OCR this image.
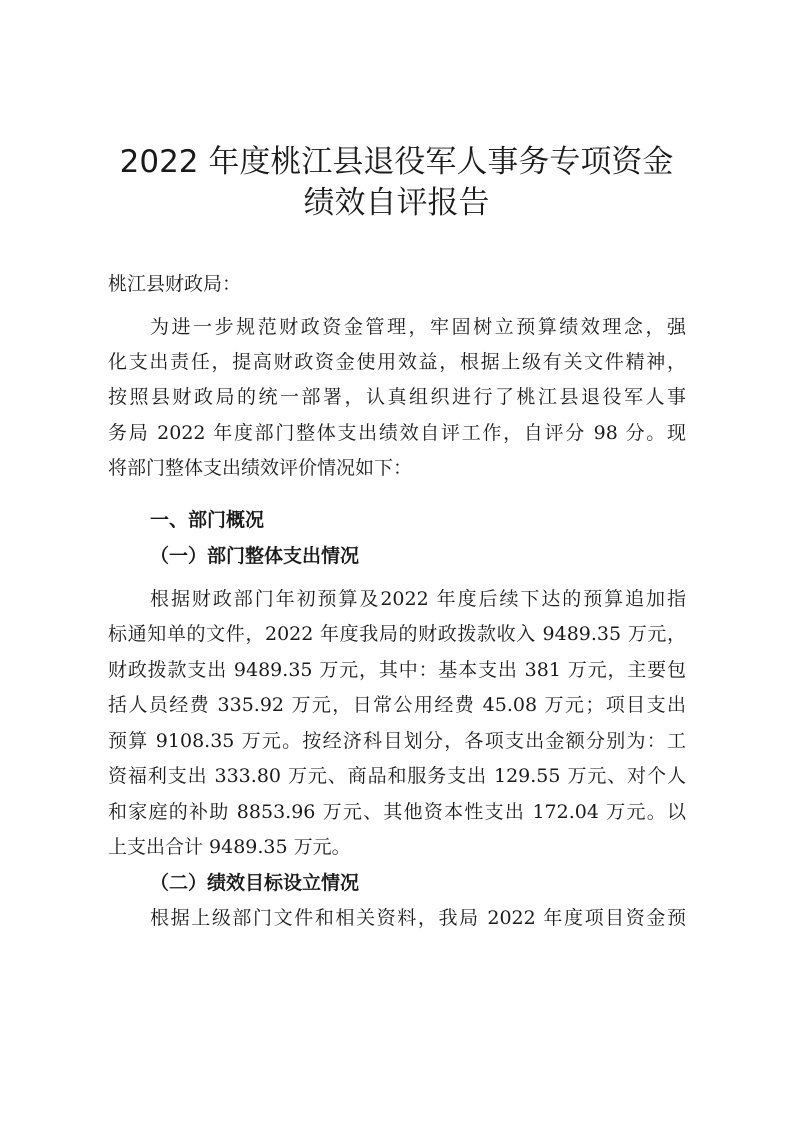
2022 年度桃江县退役军人事务专项资金
绩效自评报告

桃江县财政局：

为进一步规范财政资金管理，牢固树立预算绩效理念，强

化支出责任，提高财政资金使用效益，根据上级有关文件精神，

按照县财政局的统一部署，认真组织进行了桃江县退役军人事

务局 2022 年度部门整体支出绩效自评工作，自评分 98 分。现

将部门整体支出绩效评价情况如下：

一、部门概况

（一）部门整体支出情况

根据财政部门年初预算及2022 年度后续下达的预算追加指

标通知单的文件，2022 年度我局的财政拨款收入 9489.35 万元，

财政拨款支出 9489.35 万元，其中：基本支出 381 万元，主要包

括人员经费 335.92 万元，日常公用经费 45.08 万元；项目支出

预算 9108.35 万元。按经济科目划分，各项支出金额分别为：工

资福利支出 333.80 万元、商品和服务支出 129.55 万元、对个人

和家庭的补助 8853.96 万元、其他资本性支出 172.04 万元。以

上支出合计 9489.35 万元。

（二）绩效目标设立情况

根据上级部门文件和相关资料，我局 2022 年度项目资金预
